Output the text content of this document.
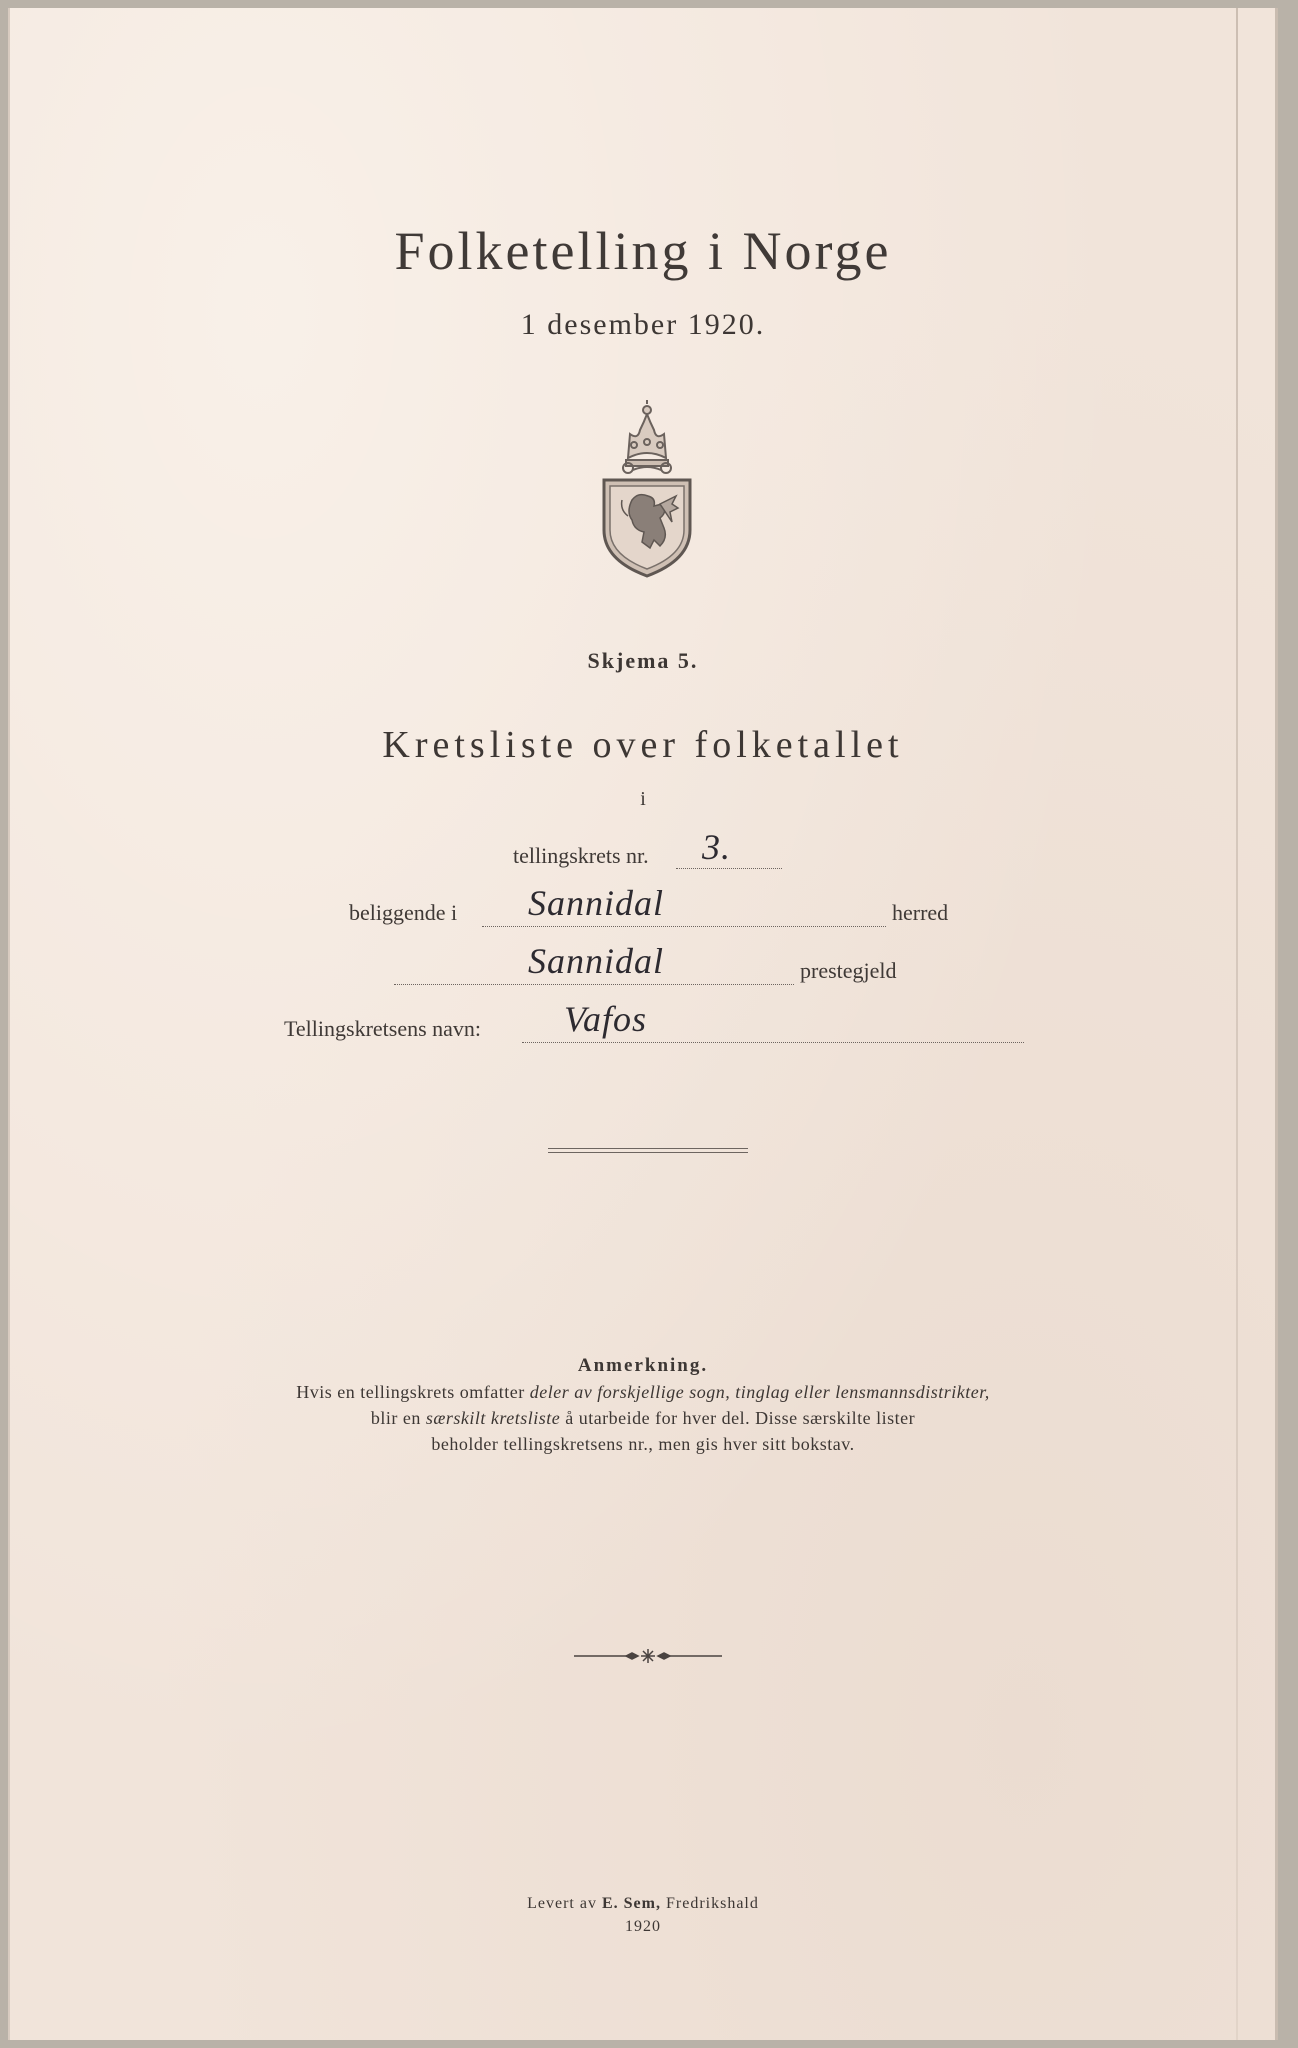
Folketelling i Norge
1 desember 1920.
Skjema 5.
Kretsliste over folketallet
i
tellingskrets nr. 3.
beliggende i Sannidal	herred
Sannidal	prestegjeld
Tellingskretsens navn: Vafos
Anmerkning.
Hvis en tellingskrets omfatter deler av forskjellige sogn, tinglag eller lensmannsdistrikter,
blir en særskilt kretsliste å utarbeide for hver del. Disse særskilte lister
beholder tellingskretsens nr., men gis hver sitt bokstav.
Levert av E. Sem, Fredrikshald
1920
